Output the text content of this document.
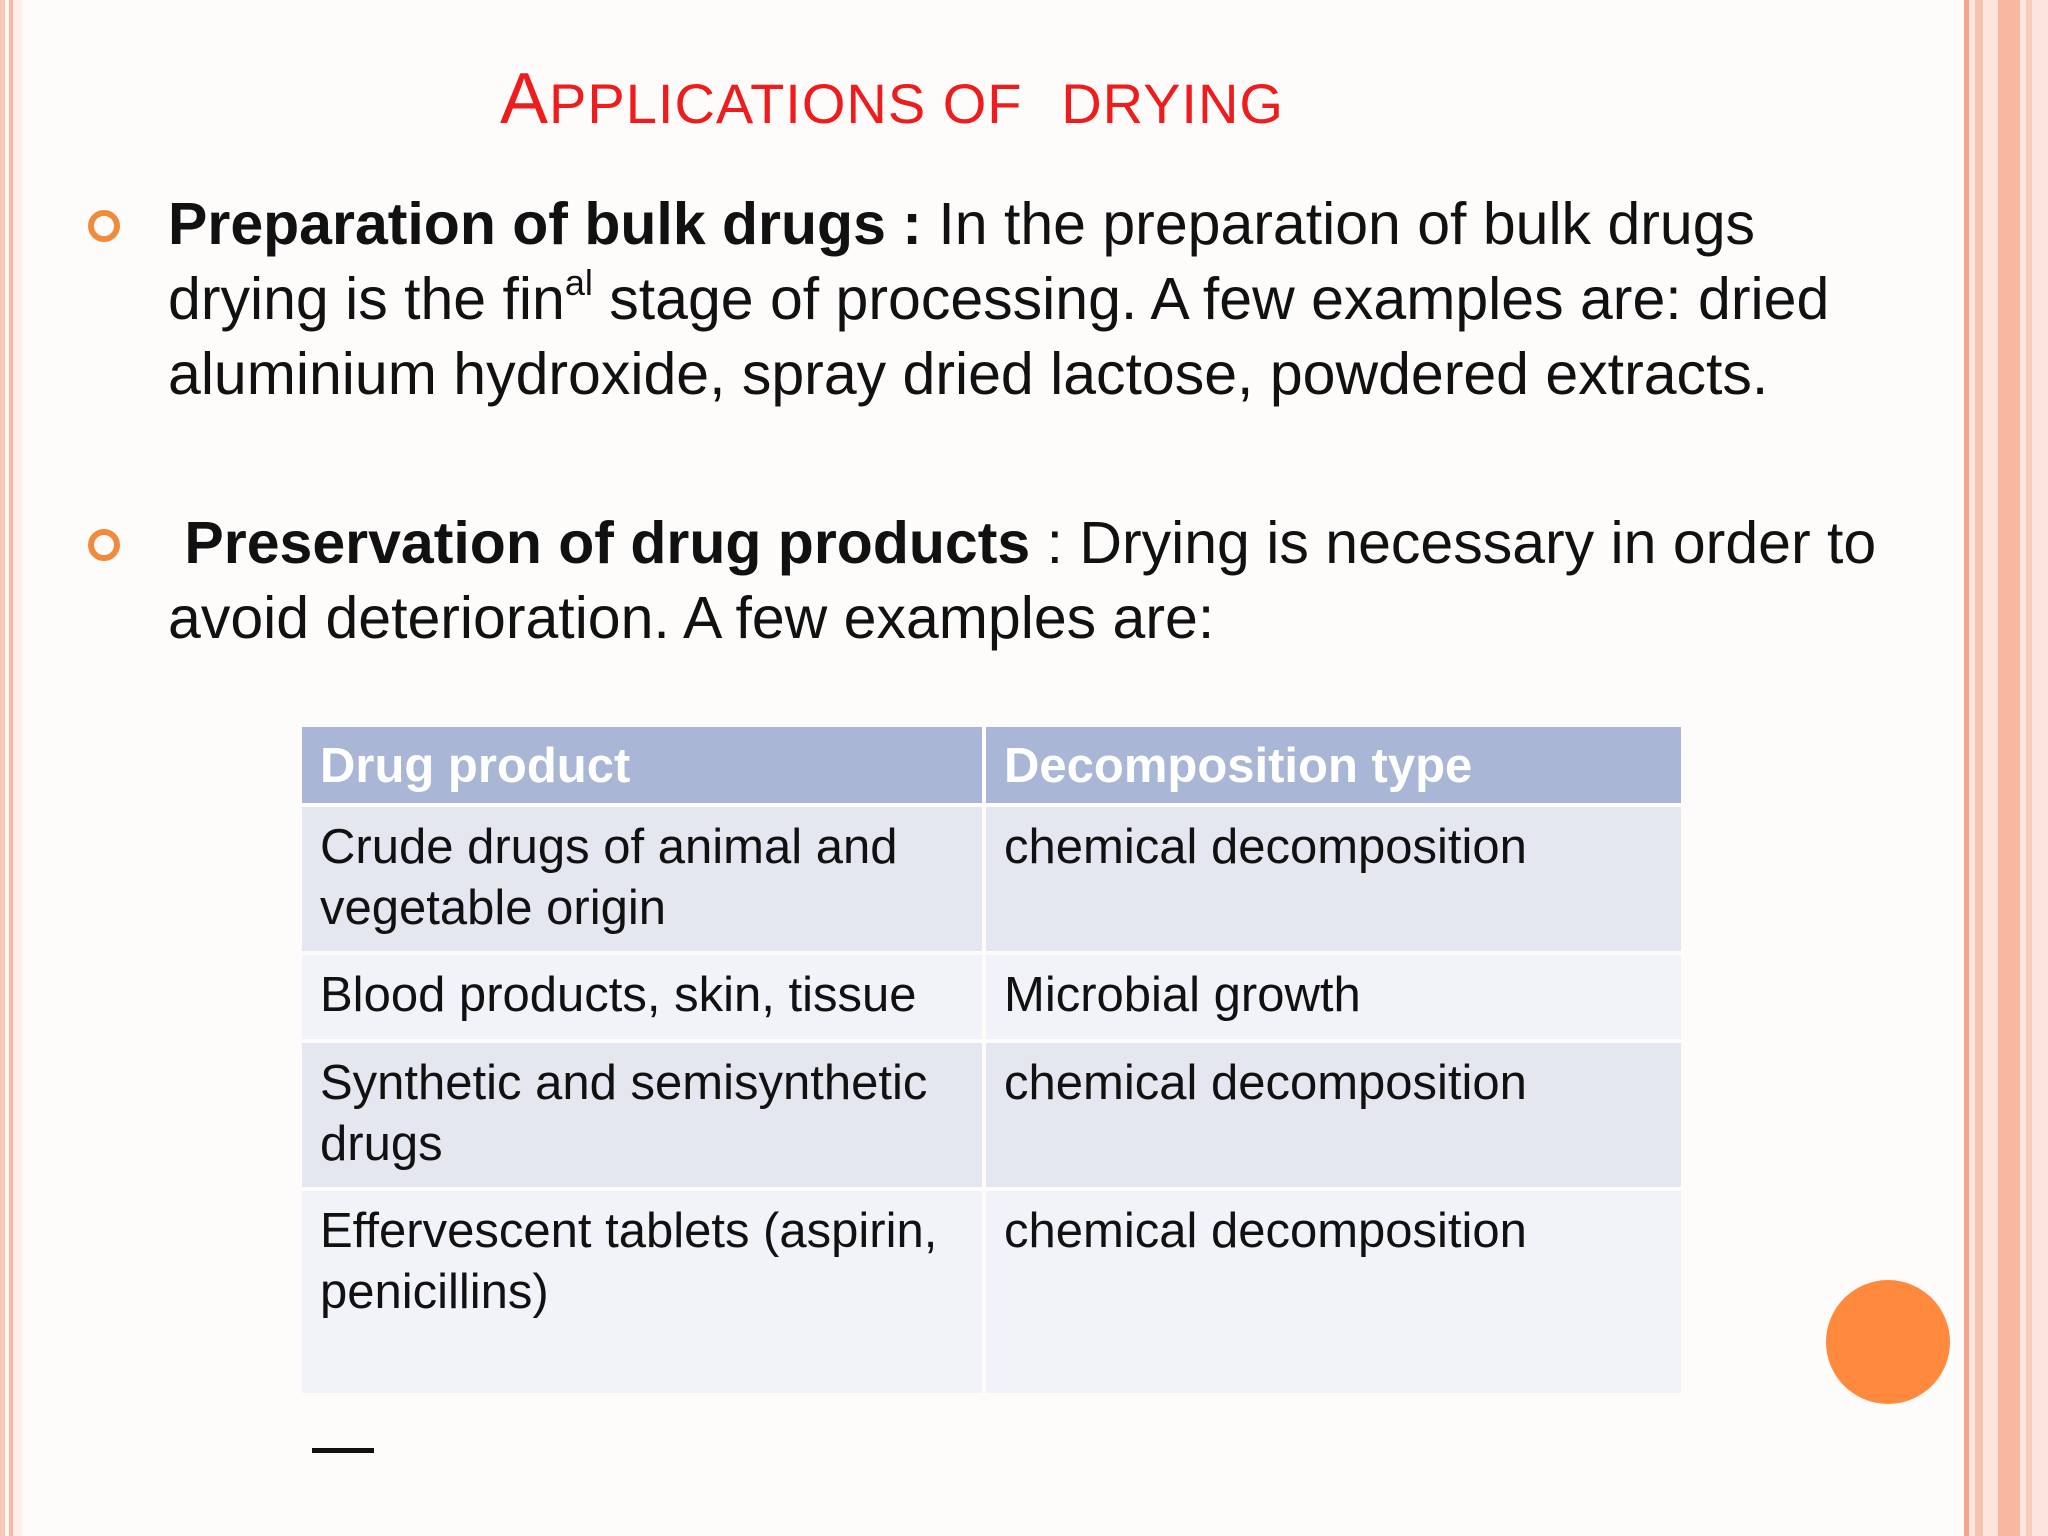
APPLICATIONS OF DRYING
Preparation of bulk drugs : In the preparation of bulk drugs drying is the fin$^{al}$ stage of processing. A few examples are: dried aluminium hydroxide, spray dried lactose, powdered extracts.
Preservation of drug products : Drying is necessary in order to avoid deterioration. A few examples are:
Drug product	Decomposition type
Crude drugs of animal and vegetable origin	chemical decomposition
Blood products, skin, tissue	Microbial growth
Synthetic and semisynthetic drugs	chemical decomposition
Effervescent tablets (aspirin, penicillins)	chemical decomposition
